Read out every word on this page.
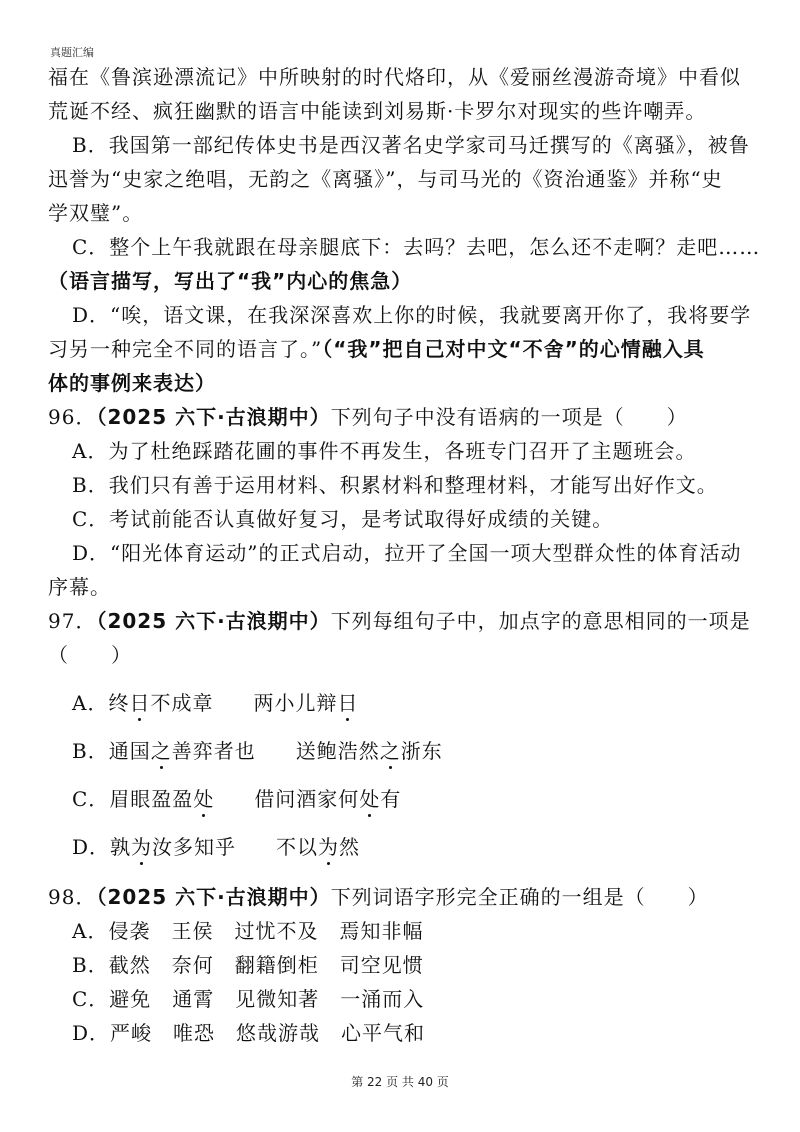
真题汇编
福在《鲁滨逊漂流记》中所映射的时代烙印，从《爱丽丝漫游奇境》中看似
荒诞不经、疯狂幽默的语言中能读到刘易斯·卡罗尔对现实的些许嘲弄。
B．我国第一部纪传体史书是西汉著名史学家司马迁撰写的《离骚》，被鲁
迅誉为“史家之绝唱，无韵之《离骚》”，与司马光的《资治通鉴》并称“史
学双璧”。
C．整个上午我就跟在母亲腿底下：去吗？去吧，怎么还不走啊？走吧……
（语言描写，写出了“我”内心的焦急）
D．“唉，语文课，在我深深喜欢上你的时候，我就要离开你了，我将要学
习另一种完全不同的语言了。”（“我”把自己对中文“不舍”的心情融入具
体的事例来表达）
96．（2025 六下·古浪期中）下列句子中没有语病的一项是（　　）
A．为了杜绝踩踏花圃的事件不再发生，各班专门召开了主题班会。
B．我们只有善于运用材料、积累材料和整理材料，才能写出好作文。
C．考试前能否认真做好复习，是考试取得好成绩的关键。
D．“阳光体育运动”的正式启动，拉开了全国一项大型群众性的体育活动
序幕。
97．（2025 六下·古浪期中）下列每组句子中，加点字的意思相同的一项是
（　　）
A．终日不成章 两小儿辩日
B．通国之善弈者也 送鲍浩然之浙东
C．眉眼盈盈处 借问酒家何处有
D．孰为汝多知乎 不以为然
98．（2025 六下·古浪期中）下列词语字形完全正确的一组是（　　）
A．侵袭　王侯　过忧不及　焉知非幅
B．截然　奈何　翻籍倒柜　司空见惯
C．避免　通霄　见微知著　一涌而入
D．严峻　唯恐　悠哉游哉　心平气和
第 22 页 共 40 页
